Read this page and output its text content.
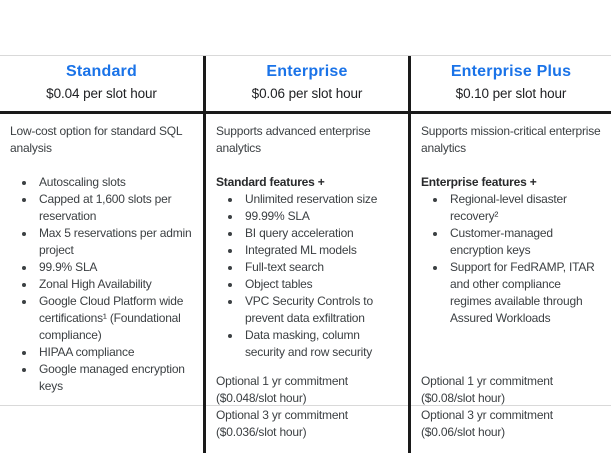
Standard
$0.04 per slot hour
Low-cost option for standard SQL analysis
• Autoscaling slots
• Capped at 1,600 slots per reservation
• Max 5 reservations per admin project
• 99.9% SLA
• Zonal High Availability
• Google Cloud Platform wide certifications¹ (Foundational compliance)
• HIPAA compliance
• Google managed encryption keys
Enterprise
$0.06 per slot hour
Supports advanced enterprise analytics
Standard features +
• Unlimited reservation size
• 99.99% SLA
• BI query acceleration
• Integrated ML models
• Full-text search
• Object tables
• VPC Security Controls to prevent data exfiltration
• Data masking, column security and row security
Optional 1 yr commitment
($0.048/slot hour)
Optional 3 yr commitment
($0.036/slot hour)
Enterprise Plus
$0.10 per slot hour
Supports mission-critical enterprise analytics
Enterprise features +
• Regional-level disaster recovery²
• Customer-managed encryption keys
• Support for FedRAMP, ITAR and other compliance regimes available through Assured Workloads
Optional 1 yr commitment
($0.08/slot hour)
Optional 3 yr commitment
($0.06/slot hour)
